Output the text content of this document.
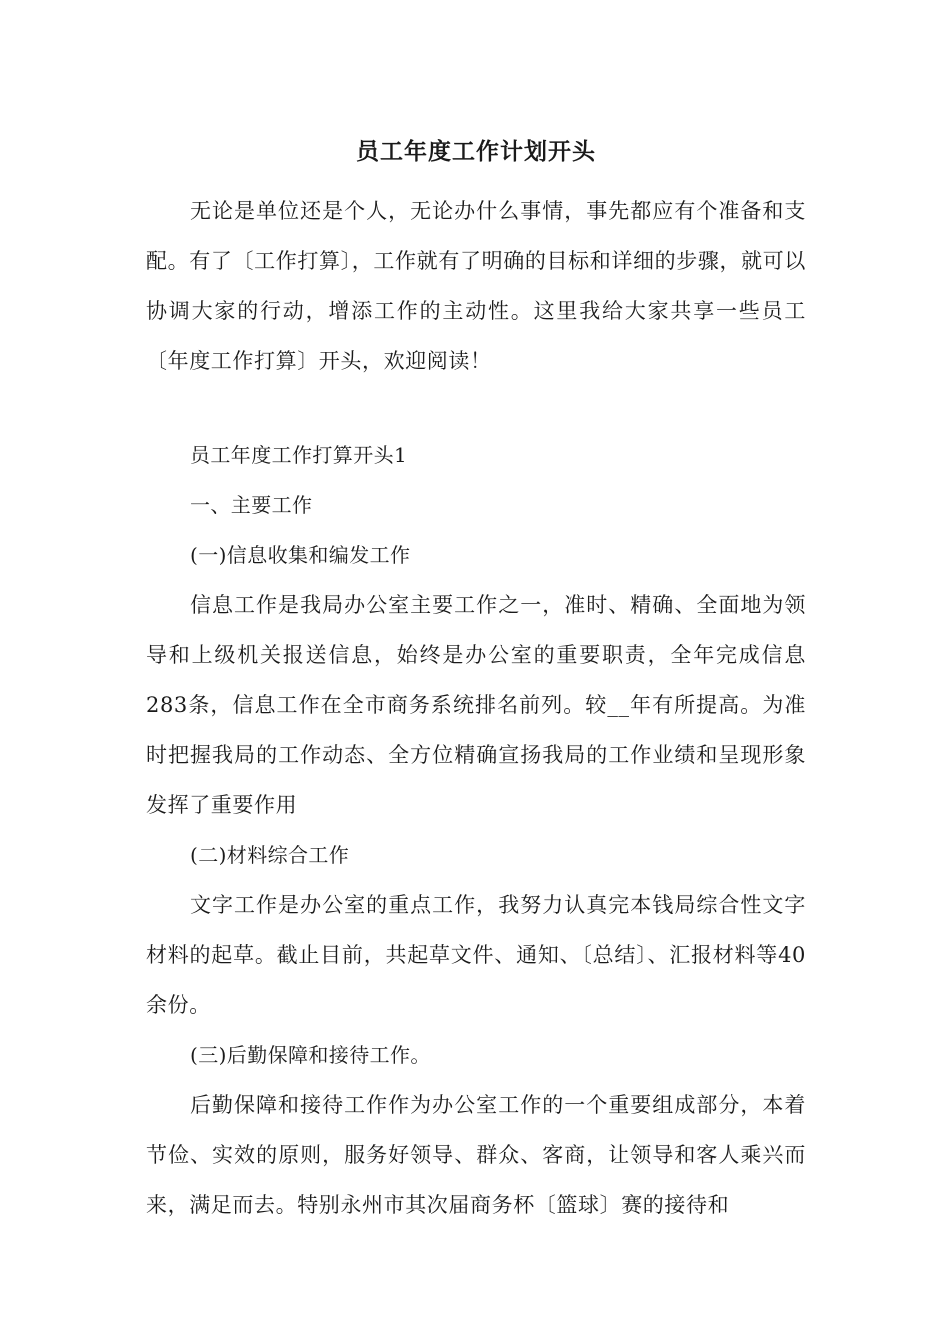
员工年度工作计划开头

无论是单位还是个人，无论办什么事情，事先都应有个准备和支配。有了〔工作打算〕，工作就有了明确的目标和详细的步骤，就可以协调大家的行动，增添工作的主动性。这里我给大家共享一些员工〔年度工作打算〕开头，欢迎阅读！

员工年度工作打算开头1

一、主要工作

(一)信息收集和编发工作

信息工作是我局办公室主要工作之一，准时、精确、全面地为领导和上级机关报送信息，始终是办公室的重要职责，全年完成信息283条，信息工作在全市商务系统排名前列。较__年有所提高。为准时把握我局的工作动态、全方位精确宣扬我局的工作业绩和呈现形象发挥了重要作用

(二)材料综合工作

文字工作是办公室的重点工作，我努力认真完本钱局综合性文字材料的起草。截止目前，共起草文件、通知、〔总结〕、汇报材料等40余份。

(三)后勤保障和接待工作。

后勤保障和接待工作作为办公室工作的一个重要组成部分，本着节俭、实效的原则，服务好领导、群众、客商，让领导和客人乘兴而来，满足而去。特别永州市其次届商务杯〔篮球〕赛的接待和
